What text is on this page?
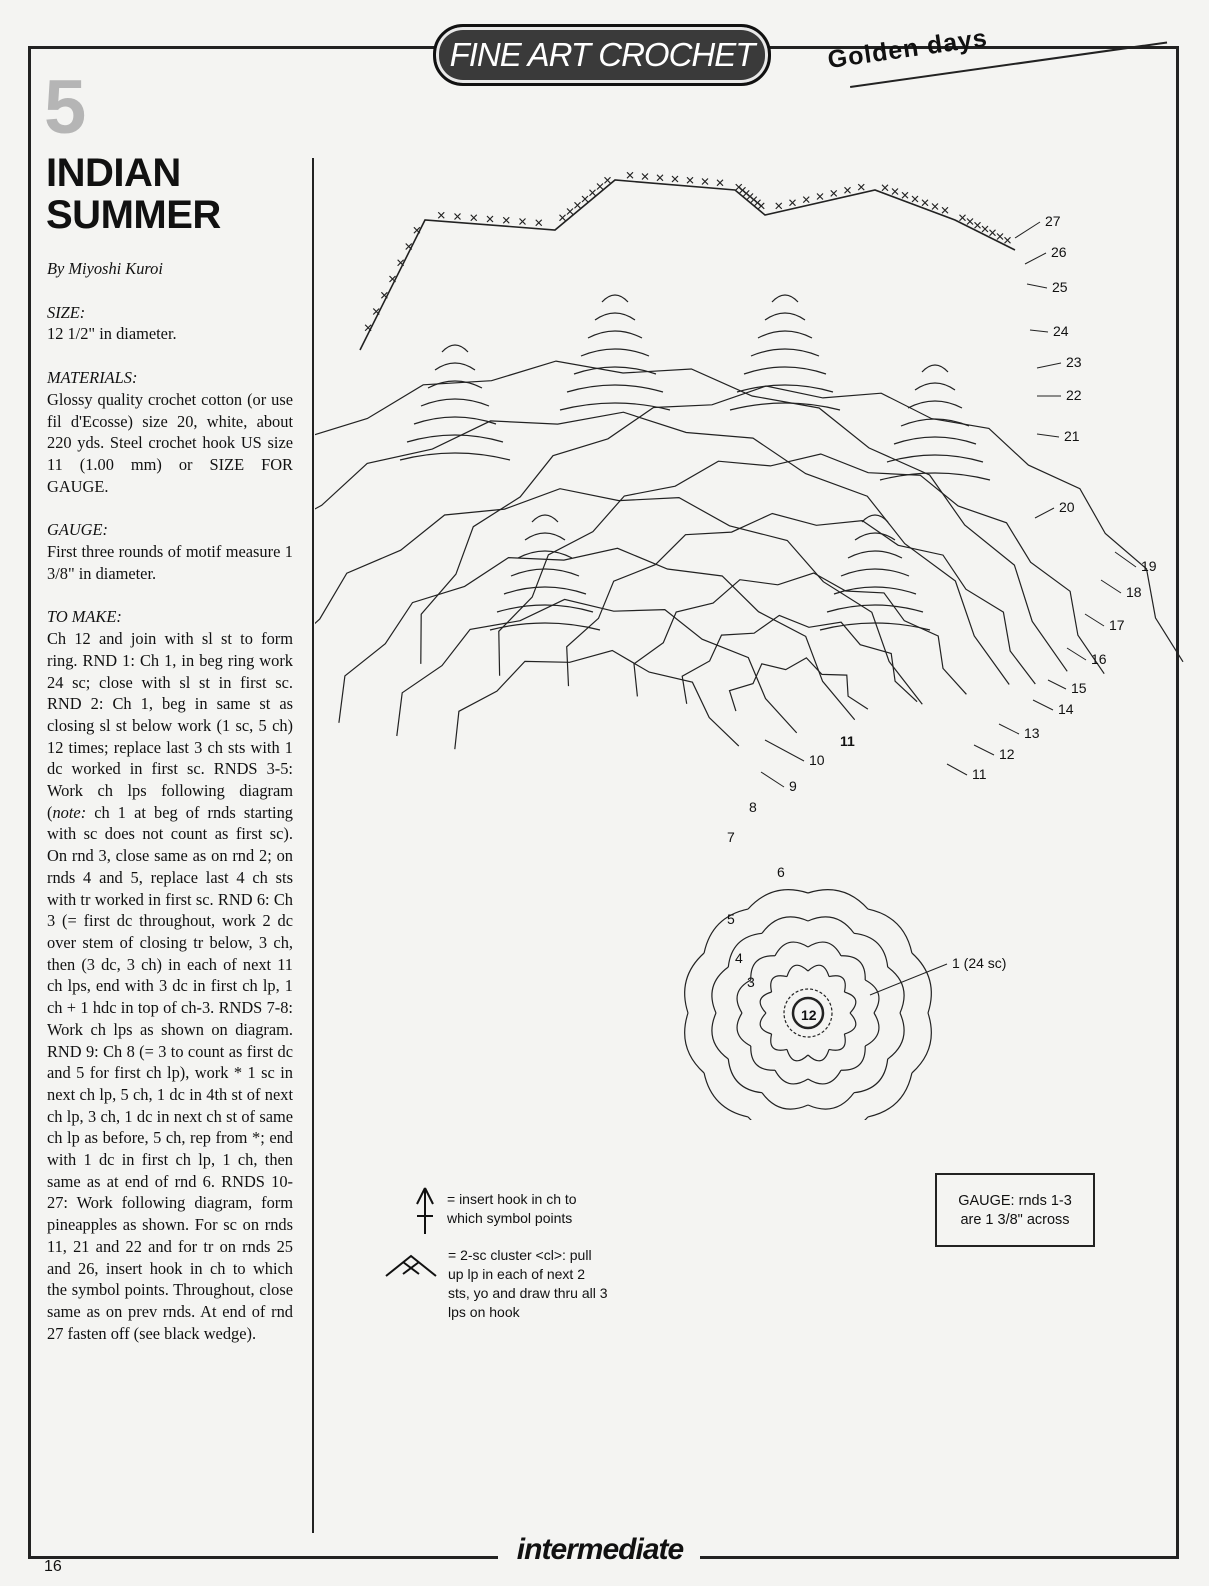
FINE ART CROCHET	Golden days
5
INDIAN
SUMMER
By Miyoshi Kuroi
SIZE:
12 1/2" in diameter.
MATERIALS:
Glossy quality crochet cotton (or use fil d'Ecosse) size 20, white, about 220 yds. Steel crochet hook US size 11 (1.00 mm) or SIZE FOR GAUGE.
GAUGE:
First three rounds of motif measure 1 3/8" in diameter.
TO MAKE:
Ch 12 and join with sl st to form ring. RND 1: Ch 1, in beg ring work 24 sc; close with sl st in first sc. RND 2: Ch 1, beg in same st as closing sl st below work (1 sc, 5 ch) 12 times; replace last 3 ch sts with 1 dc worked in first sc. RNDS 3-5: Work ch lps following diagram (note: ch 1 at beg of rnds starting with sc does not count as first sc). On rnd 3, close same as on rnd 2; on rnds 4 and 5, replace last 4 ch sts with tr worked in first sc. RND 6: Ch 3 (= first dc throughout, work 2 dc over stem of closing tr below, 3 ch, then (3 dc, 3 ch) in each of next 11 ch lps, end with 3 dc in first ch lp, 1 ch + 1 hdc in top of ch-3. RNDS 7-8: Work ch lps as shown on diagram. RND 9: Ch 8 (= 3 to count as first dc and 5 for first ch lp), work * 1 sc in next ch lp, 5 ch, 1 dc in 4th st of next ch lp, 3 ch, 1 dc in next ch st of same ch lp as before, 5 ch, rep from *; end with 1 dc in first ch lp, 1 ch, then same as at end of rnd 6. RNDS 10-27: Work following diagram, form pineapples as shown. For sc on rnds 11, 21 and 22 and for tr on rnds 25 and 26, insert hook in ch to which the symbol points. Throughout, close same as on prev rnds. At end of rnd 27 fasten off (see black wedge).
27
26
25
24
23
22
21
20
19
18
17
16
15
14
13
12
11
11
10
9
8
7
6
5
4
3
12
1 (24 sc)
= insert hook in ch to which symbol points
= 2-sc cluster <cl>: pull up lp in each of next 2 sts, yo and draw thru all 3 lps on hook
GAUGE: rnds 1-3
are 1 3/8" across
intermediate
16
